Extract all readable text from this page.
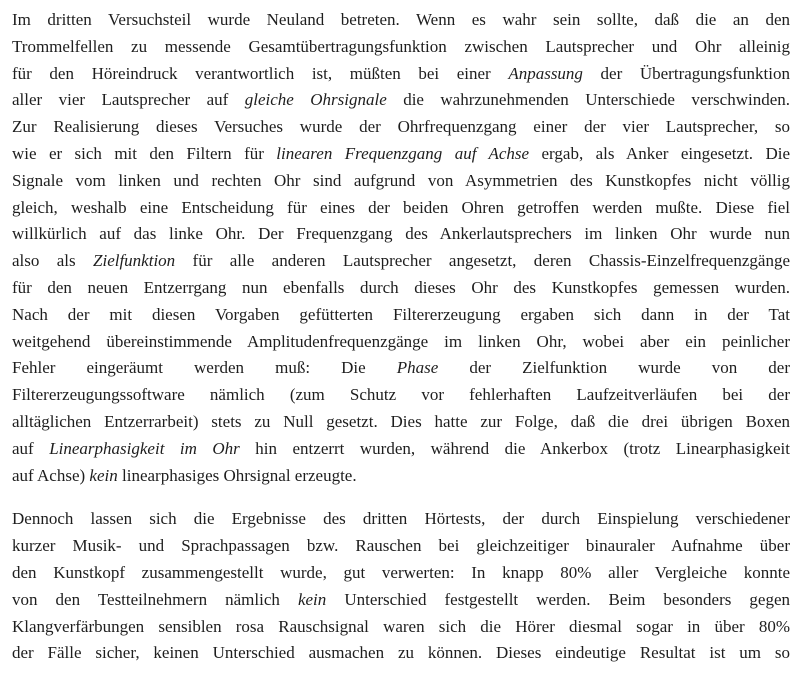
Im dritten Versuchsteil wurde Neuland betreten. Wenn es wahr sein sollte, daß die an den
Trommelfellen zu messende Gesamtübertragungsfunktion zwischen Lautsprecher und Ohr alleinig
für den Höreindruck verantwortlich ist, müßten bei einer Anpassung der Übertragungsfunktion
aller vier Lautsprecher auf gleiche Ohrsignale die wahrzunehmenden Unterschiede verschwinden.
Zur Realisierung dieses Versuches wurde der Ohrfrequenzgang einer der vier Lautsprecher, so
wie er sich mit den Filtern für linearen Frequenzgang auf Achse ergab, als Anker eingesetzt. Die
Signale vom linken und rechten Ohr sind aufgrund von Asymmetrien des Kunstkopfes nicht völlig
gleich, weshalb eine Entscheidung für eines der beiden Ohren getroffen werden mußte. Diese fiel
willkürlich auf das linke Ohr. Der Frequenzgang des Ankerlautsprechers im linken Ohr wurde nun
also als Zielfunktion für alle anderen Lautsprecher angesetzt, deren Chassis-Einzelfrequenzgänge
für den neuen Entzerrgang nun ebenfalls durch dieses Ohr des Kunstkopfes gemessen wurden.
Nach der mit diesen Vorgaben gefütterten Filtererzeugung ergaben sich dann in der Tat
weitgehend übereinstimmende Amplitudenfrequenzgänge im linken Ohr, wobei aber ein peinlicher
Fehler eingeräumt werden muß: Die Phase der Zielfunktion wurde von der
Filtererzeugungssoftware nämlich (zum Schutz vor fehlerhaften Laufzeitverläufen bei der
alltäglichen Entzerrarbeit) stets zu Null gesetzt. Dies hatte zur Folge, daß die drei übrigen Boxen
auf Linearphasigkeit im Ohr hin entzerrt wurden, während die Ankerbox (trotz Linearphasigkeit
auf Achse) kein linearphasiges Ohrsignal erzeugte.
Dennoch lassen sich die Ergebnisse des dritten Hörtests, der durch Einspielung verschiedener
kurzer Musik- und Sprachpassagen bzw. Rauschen bei gleichzeitiger binauraler Aufnahme über
den Kunstkopf zusammengestellt wurde, gut verwerten: In knapp 80% aller Vergleiche konnte
von den Testteilnehmern nämlich kein Unterschied festgestellt werden. Beim besonders gegen
Klangverfärbungen sensiblen rosa Rauschsignal waren sich die Hörer diesmal sogar in über 80%
der Fälle sicher, keinen Unterschied ausmachen zu können. Dieses eindeutige Resultat ist um so
